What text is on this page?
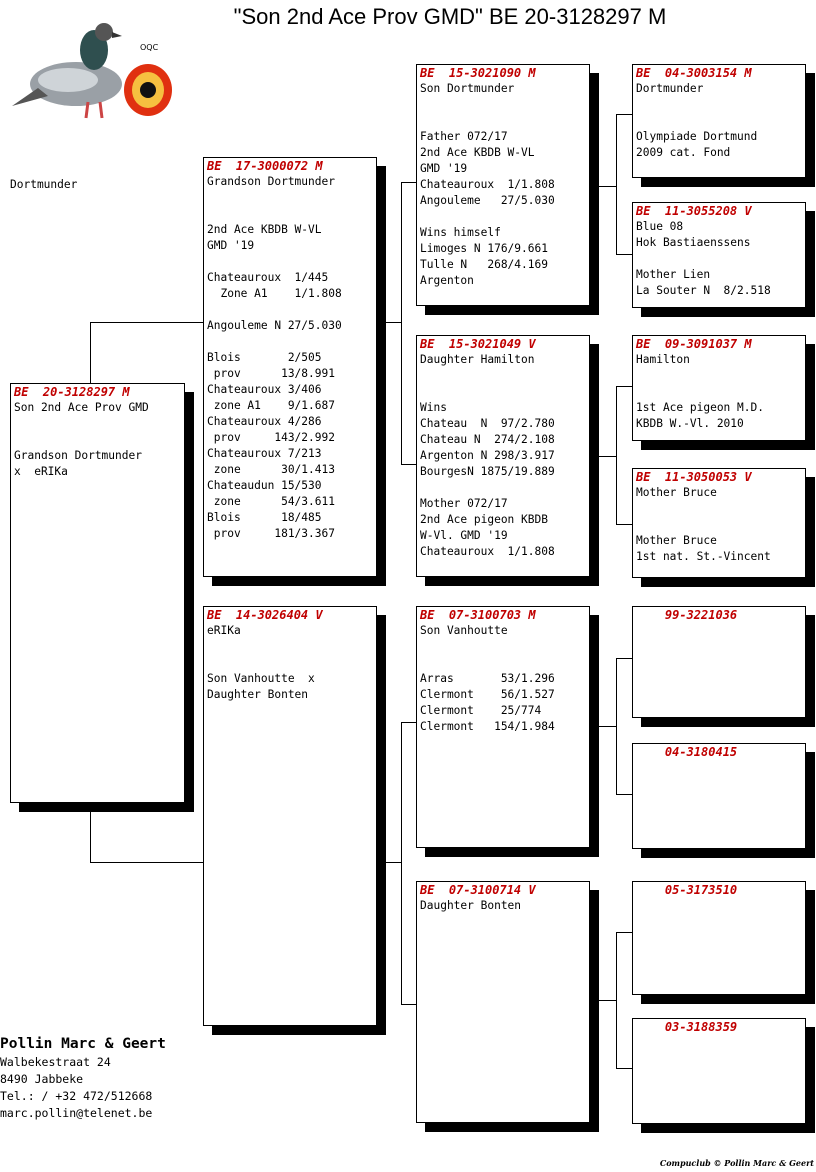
"Son 2nd Ace Prov GMD" BE 20-3128297 M
OQC
Dortmunder
BE  20-3128297 M
Son 2nd Ace Prov GMD
Grandson Dortmunder
x  eRIKa
BE  17-3000072 M
Grandson Dortmunder
2nd Ace KBDB W-VL
GMD '19
Chateauroux  1/445
Zone A1    1/1.808
Angouleme N 27/5.030
Blois       2/505
prov      13/8.991
Chateauroux 3/406
zone A1    9/1.687
Chateauroux 4/286
prov     143/2.992
Chateauroux 7/213
zone      30/1.413
Chateaudun 15/530
zone      54/3.611
Blois      18/485
prov     181/3.367
BE  14-3026404 V
eRIKa
Son Vanhoutte  x
Daughter Bonten
BE  15-3021090 M
Son Dortmunder
Father 072/17
2nd Ace KBDB W-VL
GMD '19
Chateauroux  1/1.808
Angouleme   27/5.030
Wins himself
Limoges N 176/9.661
Tulle N   268/4.169
Argenton
BE  15-3021049 V
Daughter Hamilton
Wins
Chateau  N  97/2.780
Chateau N  274/2.108
Argenton N 298/3.917
BourgesN 1875/19.889
Mother 072/17
2nd Ace pigeon KBDB
W-Vl. GMD '19
Chateauroux  1/1.808
BE  07-3100703 M
Son Vanhoutte
Arras       53/1.296
Clermont    56/1.527
Clermont    25/774
Clermont   154/1.984
BE  07-3100714 V
Daughter Bonten
BE  04-3003154 M
Dortmunder
Olympiade Dortmund
2009 cat. Fond
BE  11-3055208 V
Blue 08
Hok Bastiaenssens
Mother Lien
La Souter N  8/2.518
BE  09-3091037 M
Hamilton
1st Ace pigeon M.D.
KBDB W.-Vl. 2010
BE  11-3050053 V
Mother Bruce
Mother Bruce
1st nat. St.-Vincent
99-3221036
04-3180415
05-3173510
03-3188359
Pollin Marc & Geert
Walbekestraat 24
8490 Jabbeke
Tel.: / +32 472/512668
marc.pollin@telenet.be
Compuclub © Pollin Marc & Geert
